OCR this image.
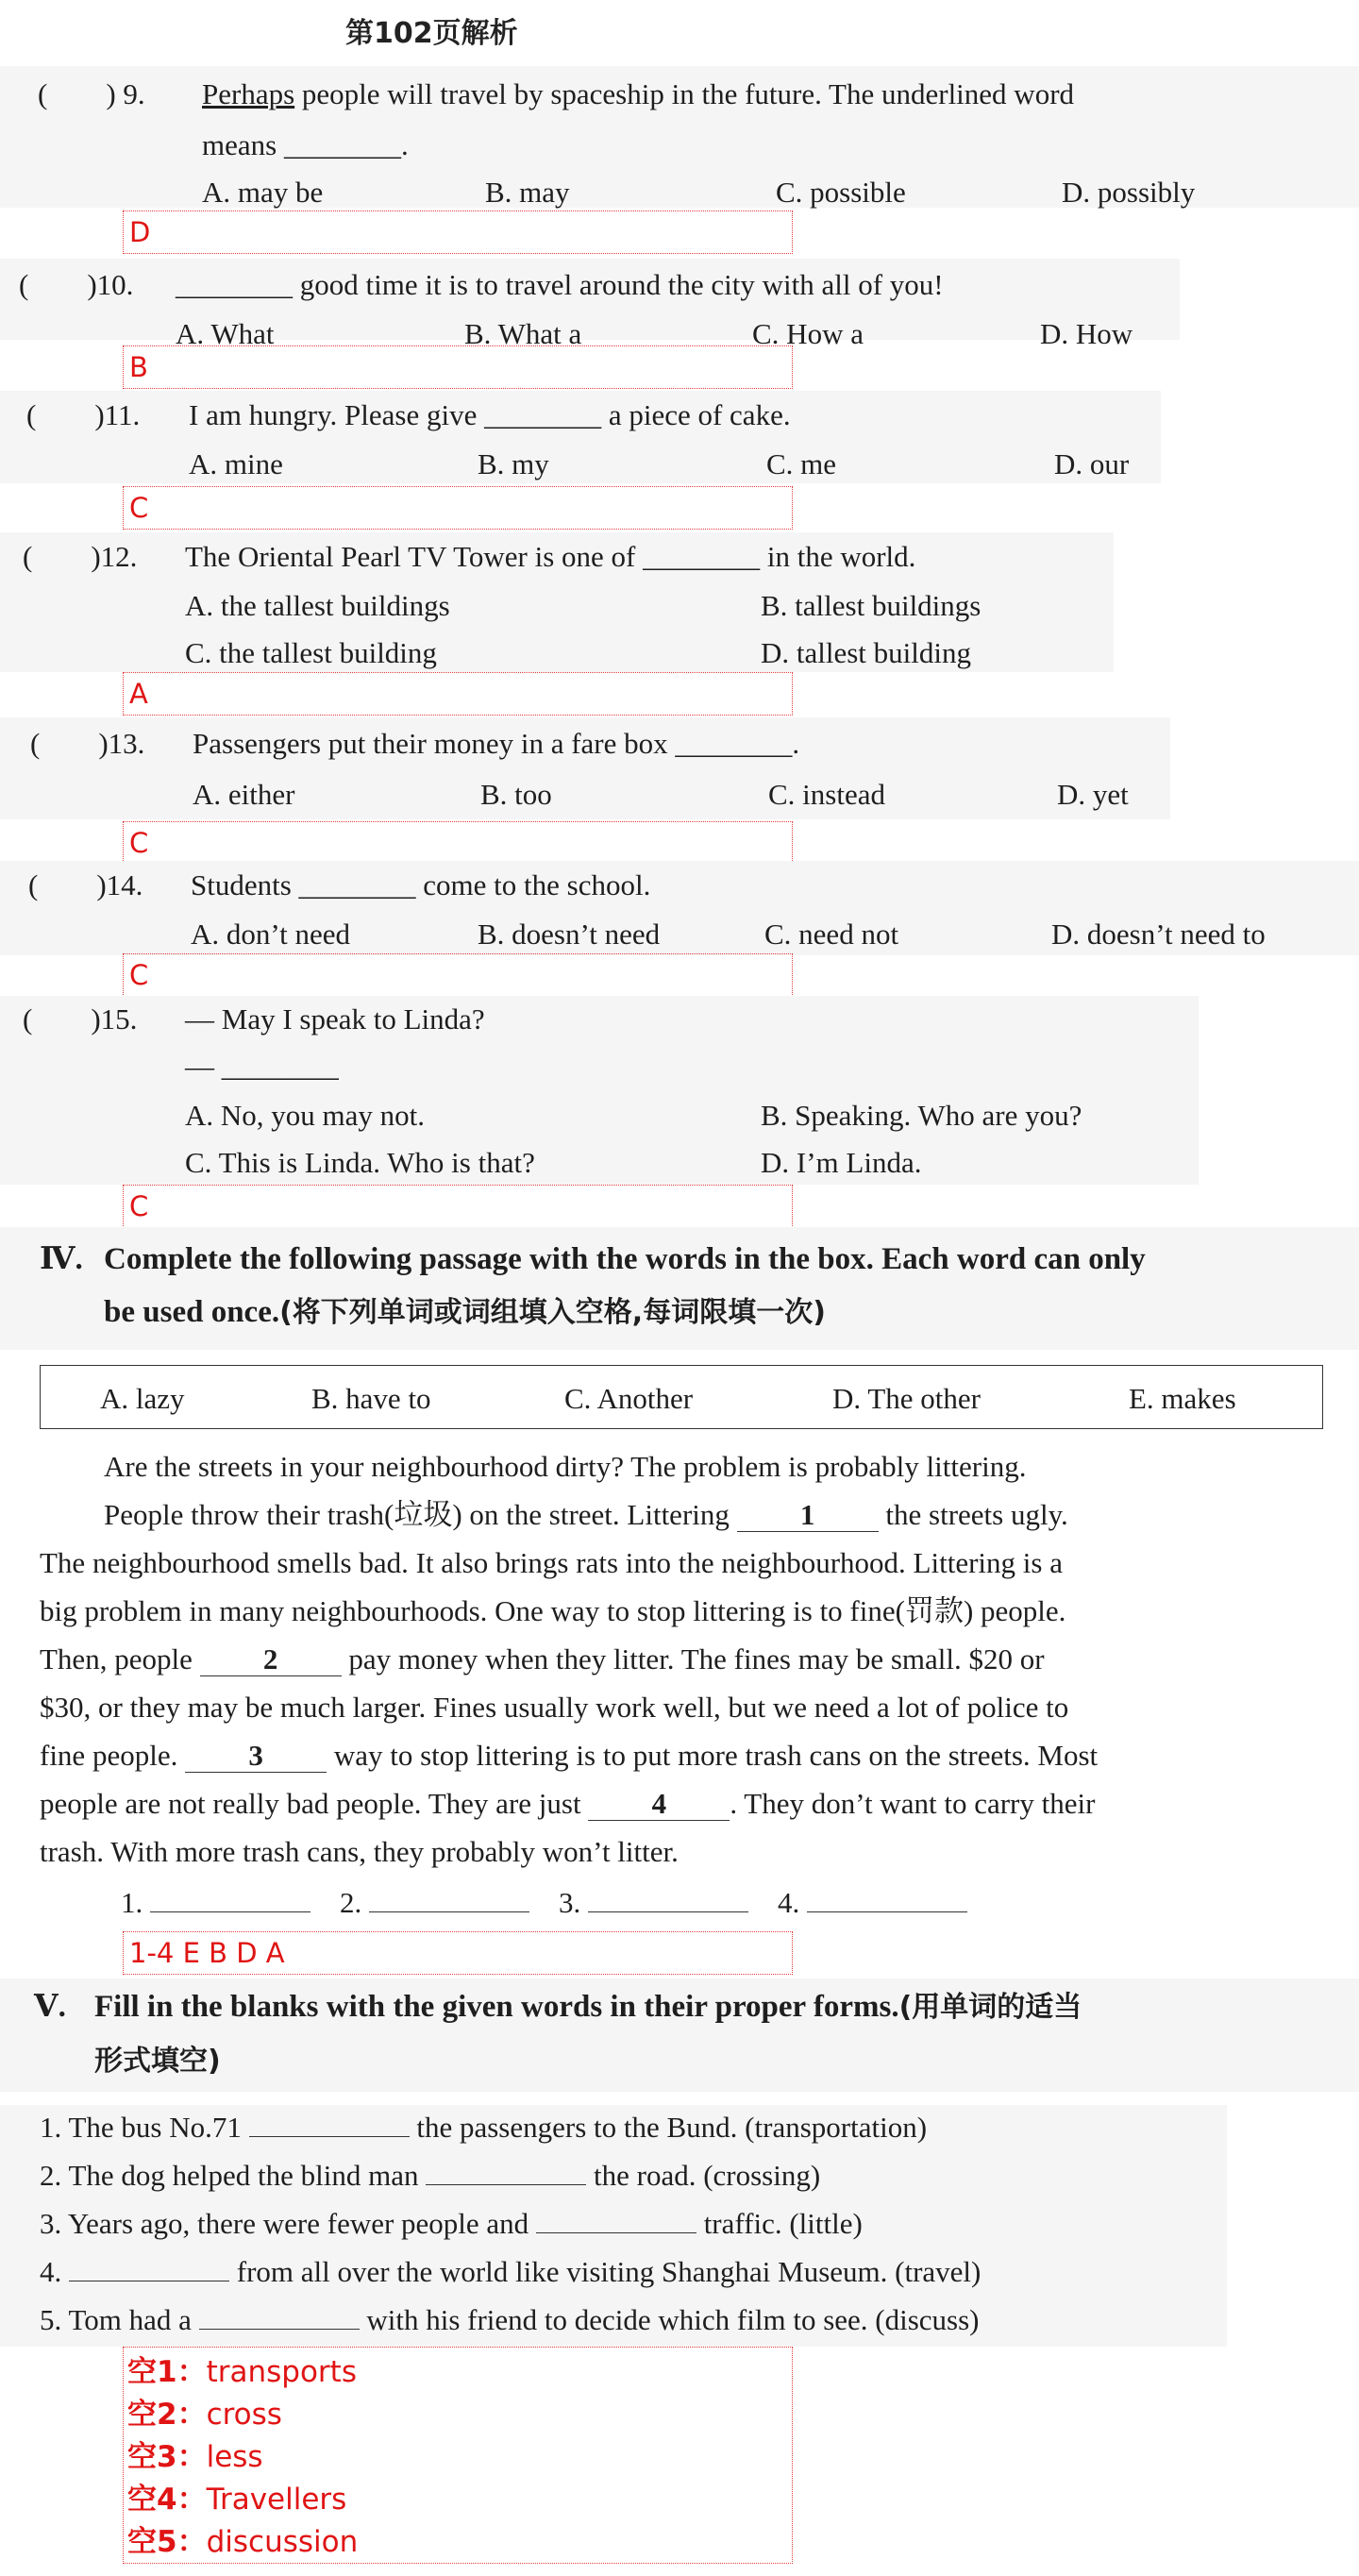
第102页解析
(　　) 9. Perhaps people will travel by spaceship in the future. The underlined word
means ________.
A. may be	B. may	C. possible	D. possibly
D
(　　)10. ________ good time it is to travel around the city with all of you!
A. What	B. What a	C. How a	D. How
B
(　　)11. I am hungry. Please give ________ a piece of cake.
A. mine	B. my	C. me	D. our
C
(　　)12. The Oriental Pearl TV Tower is one of ________ in the world.
A. the tallest buildings	B. tallest buildings
C. the tallest building	D. tallest building
A
(　　)13. Passengers put their money in a fare box ________.
A. either	B. too	C. instead	D. yet
C
(　　)14. Students ________ come to the school.
A. don’t need	B. doesn’t need	C. need not	D. doesn’t need to
C
(　　)15. — May I speak to Linda?
— ________
A. No, you may not.	B. Speaking. Who are you?
C. This is Linda. Who is that?	D. I’m Linda.
C
Ⅳ. Complete the following passage with the words in the box. Each word can only
be used once.(将下列单词或词组填入空格,每词限填一次)
A. lazy	B. have to	C. Another	D. The other	E. makes
Are the streets in your neighbourhood dirty? The problem is probably littering.
People throw their trash(垃圾) on the street. Littering 1 the streets ugly.
The neighbourhood smells bad. It also brings rats into the neighbourhood. Littering is a
big problem in many neighbourhoods. One way to stop littering is to fine(罚款) people.
Then, people 2 pay money when they litter. The fines may be small. $20 or
$30, or they may be much larger. Fines usually work well, but we need a lot of police to
fine people. 3 way to stop littering is to put more trash cans on the streets. Most
people are not really bad people. They are just 4 . They don’t want to carry their
trash. With more trash cans, they probably won’t litter.
1.	2.	3.	4.
1-4 E B D A
Ⅴ. Fill in the blanks with the given words in their proper forms.(用单词的适当
形式填空)
1. The bus No.71	the passengers to the Bund. (transportation)
2. The dog helped the blind man	the road. (crossing)
3. Years ago, there were fewer people and	traffic. (little)
4.	from all over the world like visiting Shanghai Museum. (travel)
5. Tom had a	with his friend to decide which film to see. (discuss)
空1：transports
空2：cross
空3：less
空4：Travellers
空5：discussion
